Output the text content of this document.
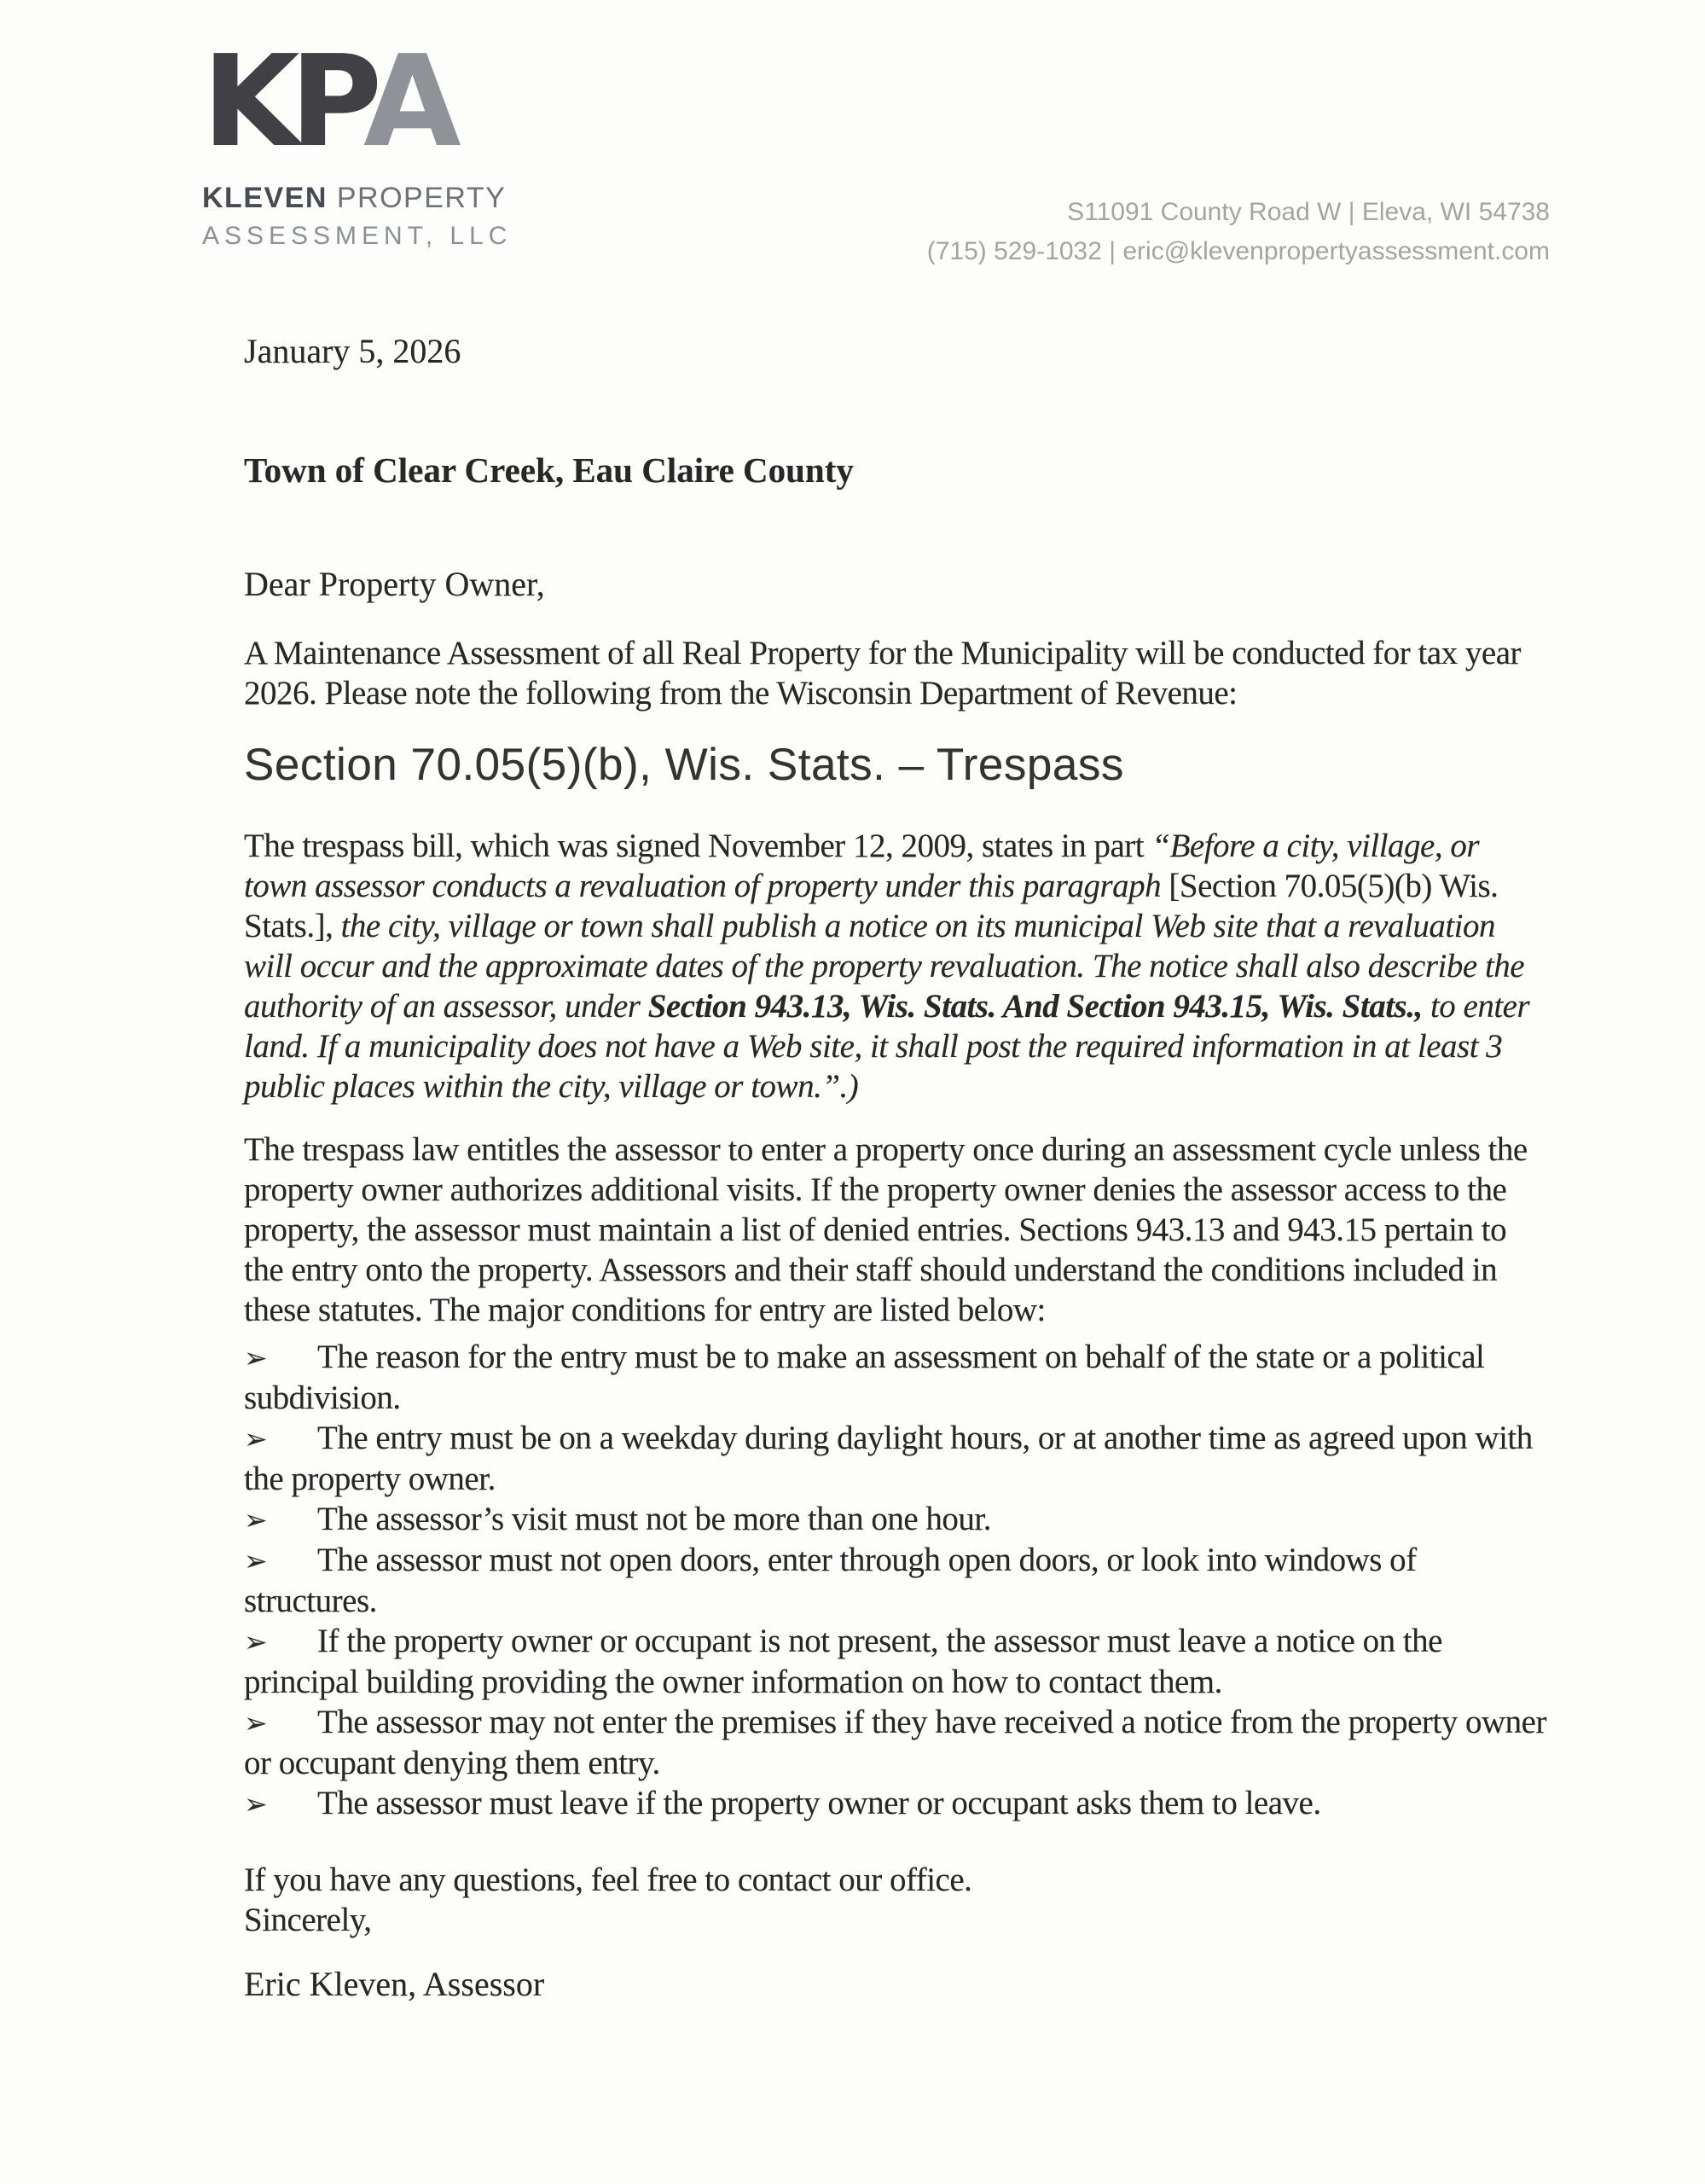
KPA
KLEVEN PROPERTY
ASSESSMENT, LLC
S11091 County Road W | Eleva, WI 54738
(715) 529-1032 | eric@klevenpropertyassessment.com

January 5, 2026

Town of Clear Creek, Eau Claire County

Dear Property Owner,

A Maintenance Assessment of all Real Property for the Municipality will be conducted for tax year 2026. Please note the following from the Wisconsin Department of Revenue:

Section 70.05(5)(b), Wis. Stats. – Trespass

The trespass bill, which was signed November 12, 2009, states in part “Before a city, village, or town assessor conducts a revaluation of property under this paragraph [Section 70.05(5)(b) Wis. Stats.], the city, village or town shall publish a notice on its municipal Web site that a revaluation will occur and the approximate dates of the property revaluation. The notice shall also describe the authority of an assessor, under Section 943.13, Wis. Stats. And Section 943.15, Wis. Stats., to enter land. If a municipality does not have a Web site, it shall post the required information in at least 3 public places within the city, village or town.”.)

The trespass law entitles the assessor to enter a property once during an assessment cycle unless the property owner authorizes additional visits. If the property owner denies the assessor access to the property, the assessor must maintain a list of denied entries. Sections 943.13 and 943.15 pertain to the entry onto the property. Assessors and their staff should understand the conditions included in these statutes. The major conditions for entry are listed below:

➢ The reason for the entry must be to make an assessment on behalf of the state or a political subdivision.

➢ The entry must be on a weekday during daylight hours, or at another time as agreed upon with the property owner.

➢ The assessor’s visit must not be more than one hour.

➢ The assessor must not open doors, enter through open doors, or look into windows of structures.

➢ If the property owner or occupant is not present, the assessor must leave a notice on the principal building providing the owner information on how to contact them.

➢ The assessor may not enter the premises if they have received a notice from the property owner or occupant denying them entry.

➢ The assessor must leave if the property owner or occupant asks them to leave.

If you have any questions, feel free to contact our office.
Sincerely,

Eric Kleven, Assessor
